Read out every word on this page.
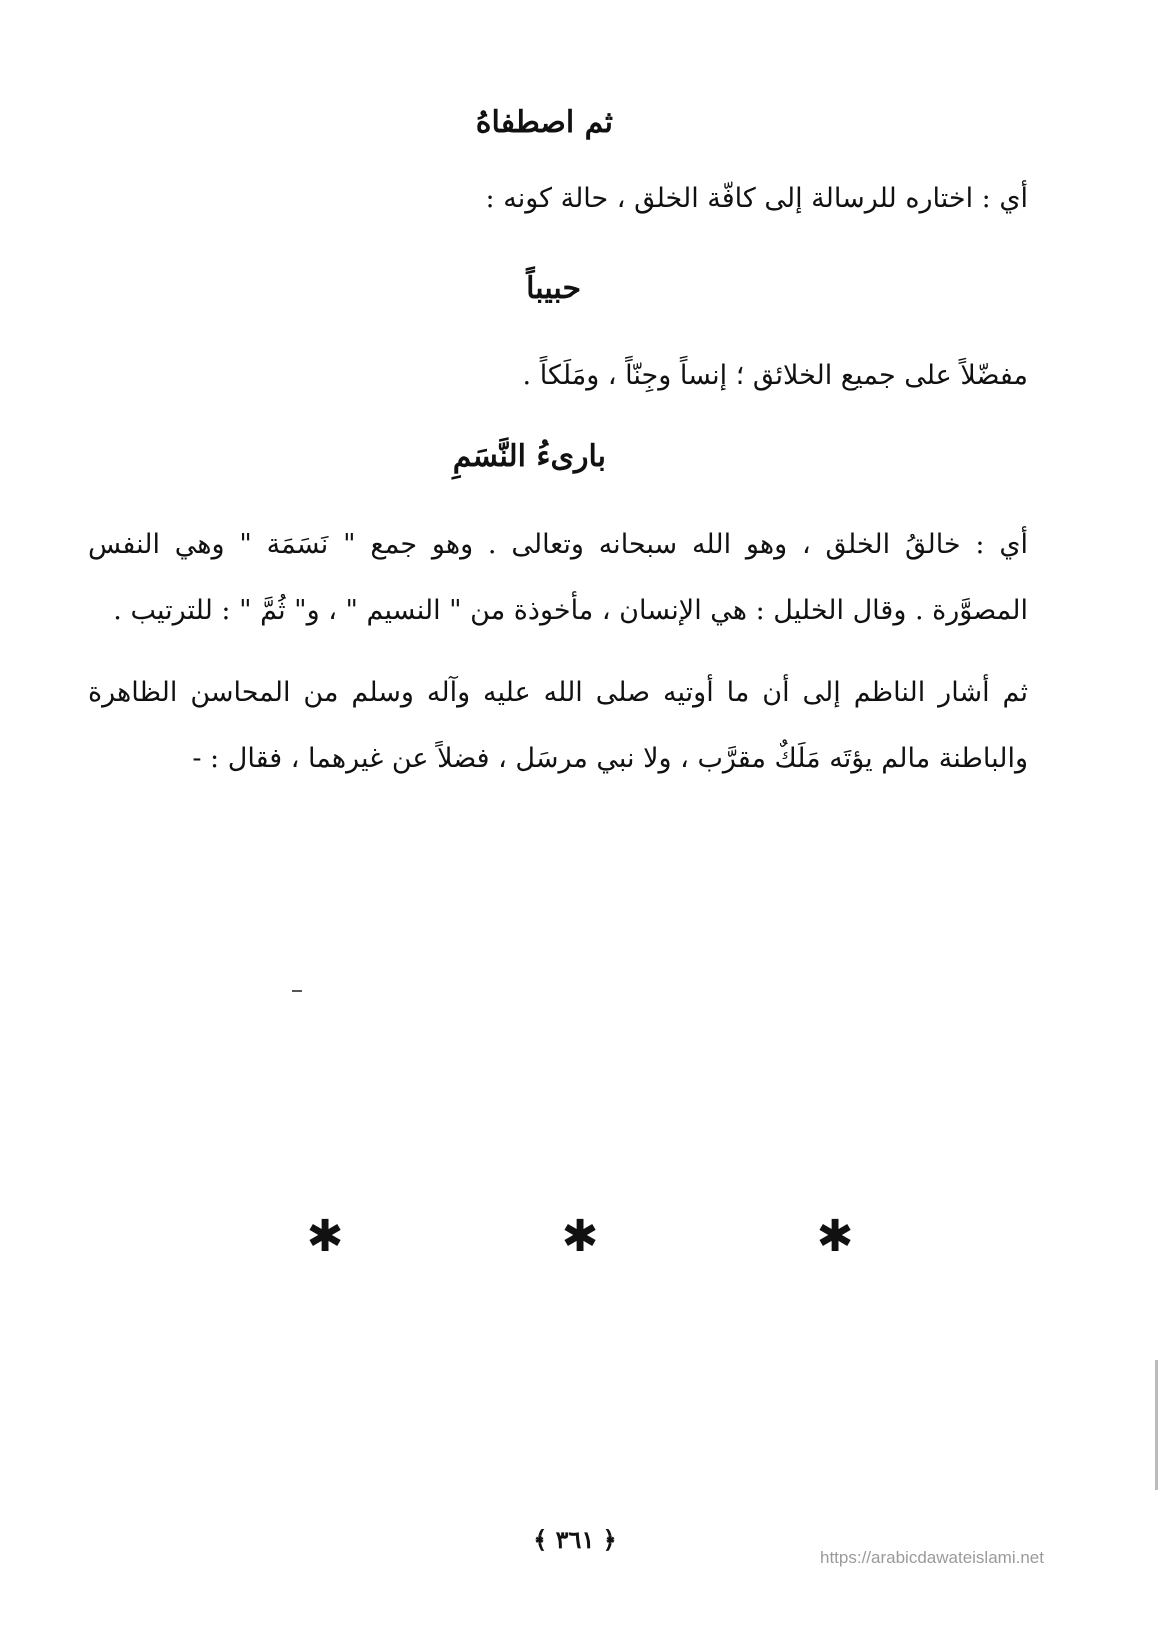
ثم اصطفاهُ
أي : اختاره للرسالة إلى كافّة الخلق ، حالة كونه :
حبيباً
مفضّلاً على جميع الخلائق ؛ إنساً وجِنّاً ، ومَلَكاً .
بارىءُ النَّسَمِ

أي : خالقُ الخلق ، وهو الله سبحانه وتعالى . وهو جمع " نَسَمَة " وهي النفس المصوَّرة . وقال الخليل : هي الإنسان ، مأخوذة من " النسيم " ، و" ثُمَّ " : للترتيب .

ثم أشار الناظم إلى أن ما أوتيه صلى الله عليه وآله وسلم من المحاسن الظاهرة والباطنة مالم يؤتَه مَلَكٌ مقرَّب ، ولا نبي مرسَل ، فضلاً عن غيرهما ، فقال : -

✱	✱	✱
﴿ ٣٦١ ﴾
https://arabicdawateislami.net
